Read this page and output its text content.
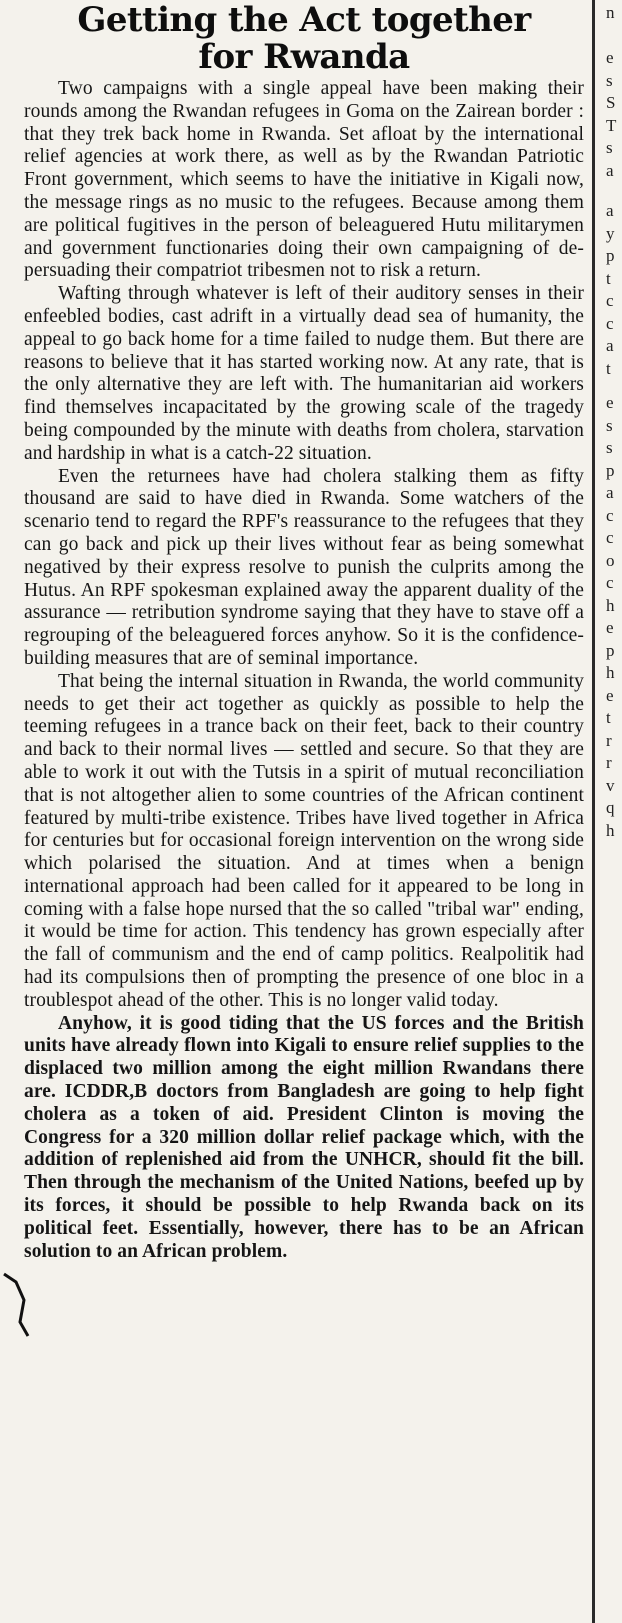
Getting the Act together
for Rwanda

Two campaigns with a single appeal have been making their rounds among the Rwandan refugees in Goma on the Zairean border : that they trek back home in Rwanda. Set afloat by the international relief agencies at work there, as well as by the Rwandan Patriotic Front government, which seems to have the initiative in Kigali now, the message rings as no music to the refugees. Because among them are political fugitives in the person of beleaguered Hutu militarymen and government functionaries doing their own campaigning of de-persuading their compatriot tribesmen not to risk a return.

Wafting through whatever is left of their auditory senses in their enfeebled bodies, cast adrift in a virtually dead sea of humanity, the appeal to go back home for a time failed to nudge them. But there are reasons to believe that it has started working now. At any rate, that is the only alternative they are left with. The humanitarian aid workers find themselves incapacitated by the growing scale of the tragedy being compounded by the minute with deaths from cholera, starvation and hardship in what is a catch-22 situation.

Even the returnees have had cholera stalking them as fifty thousand are said to have died in Rwanda. Some watchers of the scenario tend to regard the RPF's reassurance to the refugees that they can go back and pick up their lives without fear as being somewhat negatived by their express resolve to punish the culprits among the Hutus. An RPF spokesman explained away the apparent duality of the assurance — retribution syndrome saying that they have to stave off a regrouping of the beleaguered forces anyhow. So it is the confidence-building measures that are of seminal importance.

That being the internal situation in Rwanda, the world community needs to get their act together as quickly as possible to help the teeming refugees in a trance back on their feet, back to their country and back to their normal lives — settled and secure. So that they are able to work it out with the Tutsis in a spirit of mutual reconciliation that is not altogether alien to some countries of the African continent featured by multi-tribe existence. Tribes have lived together in Africa for centuries but for occasional foreign intervention on the wrong side which polarised the situation. And at times when a benign international approach had been called for it appeared to be long in coming with a false hope nursed that the so called "tribal war" ending, it would be time for action. This tendency has grown especially after the fall of communism and the end of camp politics. Realpolitik had had its compulsions then of prompting the presence of one bloc in a troublespot ahead of the other. This is no longer valid today.

Anyhow, it is good tiding that the US forces and the British units have already flown into Kigali to ensure relief supplies to the displaced two million among the eight million Rwandans there are. ICDDR,B doctors from Bangladesh are going to help fight cholera as a token of aid. President Clinton is moving the Congress for a 320 million dollar relief package which, with the addition of replenished aid from the UNHCR, should fit the bill. Then through the mechanism of the United Nations, beefed up by its forces, it should be possible to help Rwanda back on its political feet. Essentially, however, there has to be an African solution to an African problem.

n
e
s
S
T
s
a
a
y
p
t
c
c
a
t
e
s
s
p
a
c
c
o
c
h
e
p
h
e
t
r
r
v
q
h
